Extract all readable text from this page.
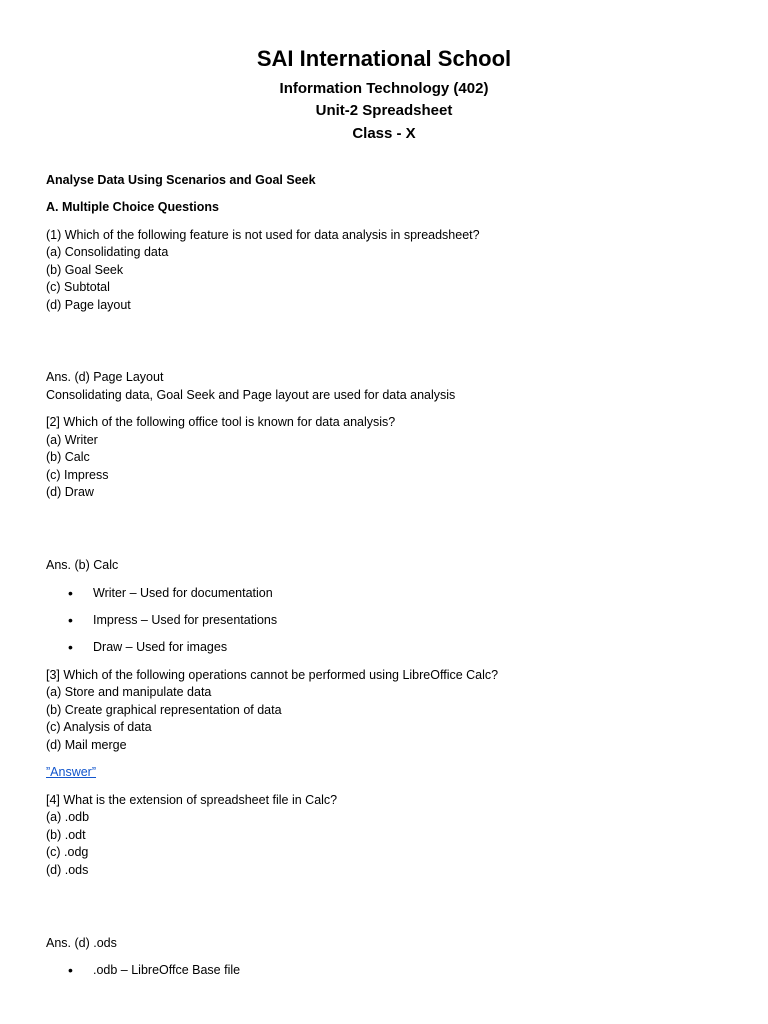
SAI International School
Information Technology (402)
Unit-2 Spreadsheet
Class - X
Analyse Data Using Scenarios and Goal Seek
A. Multiple Choice Questions
(1) Which of the following feature is not used for data analysis in spreadsheet?
(a) Consolidating data
(b) Goal Seek
(c) Subtotal
(d) Page layout
Ans. (d) Page Layout
Consolidating data, Goal Seek and Page layout are used for data analysis
[2] Which of the following office tool is known for data analysis?
(a) Writer
(b) Calc
(c) Impress
(d) Draw
Ans. (b) Calc
• Writer – Used for documentation
• Impress – Used for presentations
• Draw – Used for images
[3] Which of the following operations cannot be performed using LibreOffice Calc?
(a) Store and manipulate data
(b) Create graphical representation of data
(c) Analysis of data
(d) Mail merge
”Answer”
[4] What is the extension of spreadsheet file in Calc?
(a) .odb
(b) .odt
(c) .odg
(d) .ods
Ans. (d) .ods
• .odb – LibreOffce Base file
